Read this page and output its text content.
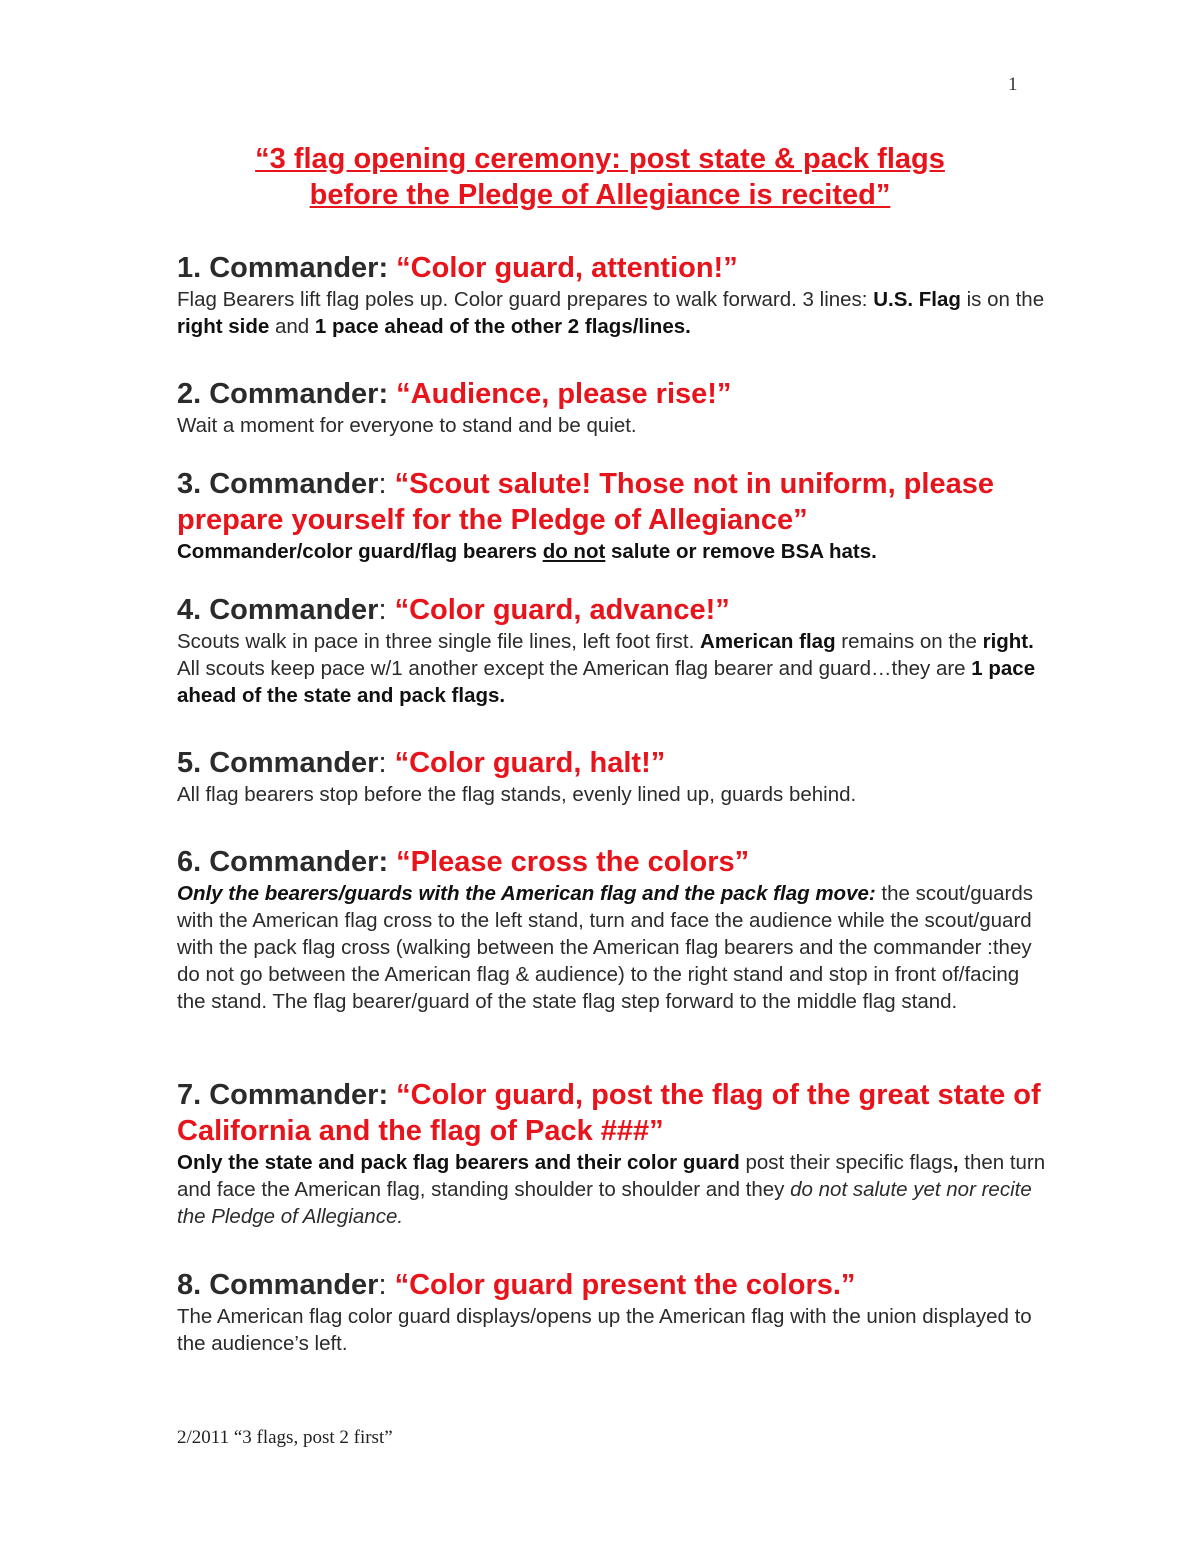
1
“3 flag opening ceremony: post state & pack flags
before the Pledge of Allegiance is recited”

1. Commander: “Color guard, attention!”

Flag Bearers lift flag poles up. Color guard prepares to walk forward. 3 lines: U.S. Flag is on the right side and 1 pace ahead of the other 2 flags/lines.

2. Commander: “Audience, please rise!”

Wait a moment for everyone to stand and be quiet.

3. Commander: “Scout salute! Those not in uniform, please prepare yourself for the Pledge of Allegiance”

Commander/color guard/flag bearers do not salute or remove BSA hats.

4. Commander: “Color guard, advance!”

Scouts walk in pace in three single file lines, left foot first. American flag remains on the right. All scouts keep pace w/1 another except the American flag bearer and guard…they are 1 pace ahead of the state and pack flags.

5. Commander: “Color guard, halt!”

All flag bearers stop before the flag stands, evenly lined up, guards behind.

6. Commander: “Please cross the colors”

Only the bearers/guards with the American flag and the pack flag move: the scout/guards with the American flag cross to the left stand, turn and face the audience while the scout/guard with the pack flag cross (walking between the American flag bearers and the commander :they do not go between the American flag & audience) to the right stand and stop in front of/facing the stand. The flag bearer/guard of the state flag step forward to the middle flag stand.

7. Commander: “Color guard, post the flag of the great state of California and the flag of Pack ###”

Only the state and pack flag bearers and their color guard post their specific flags, then turn and face the American flag, standing shoulder to shoulder and they do not salute yet nor recite the Pledge of Allegiance.

8. Commander: “Color guard present the colors.”

The American flag color guard displays/opens up the American flag with the union displayed to the audience’s left.

2/2011 “3 flags, post 2 first”
